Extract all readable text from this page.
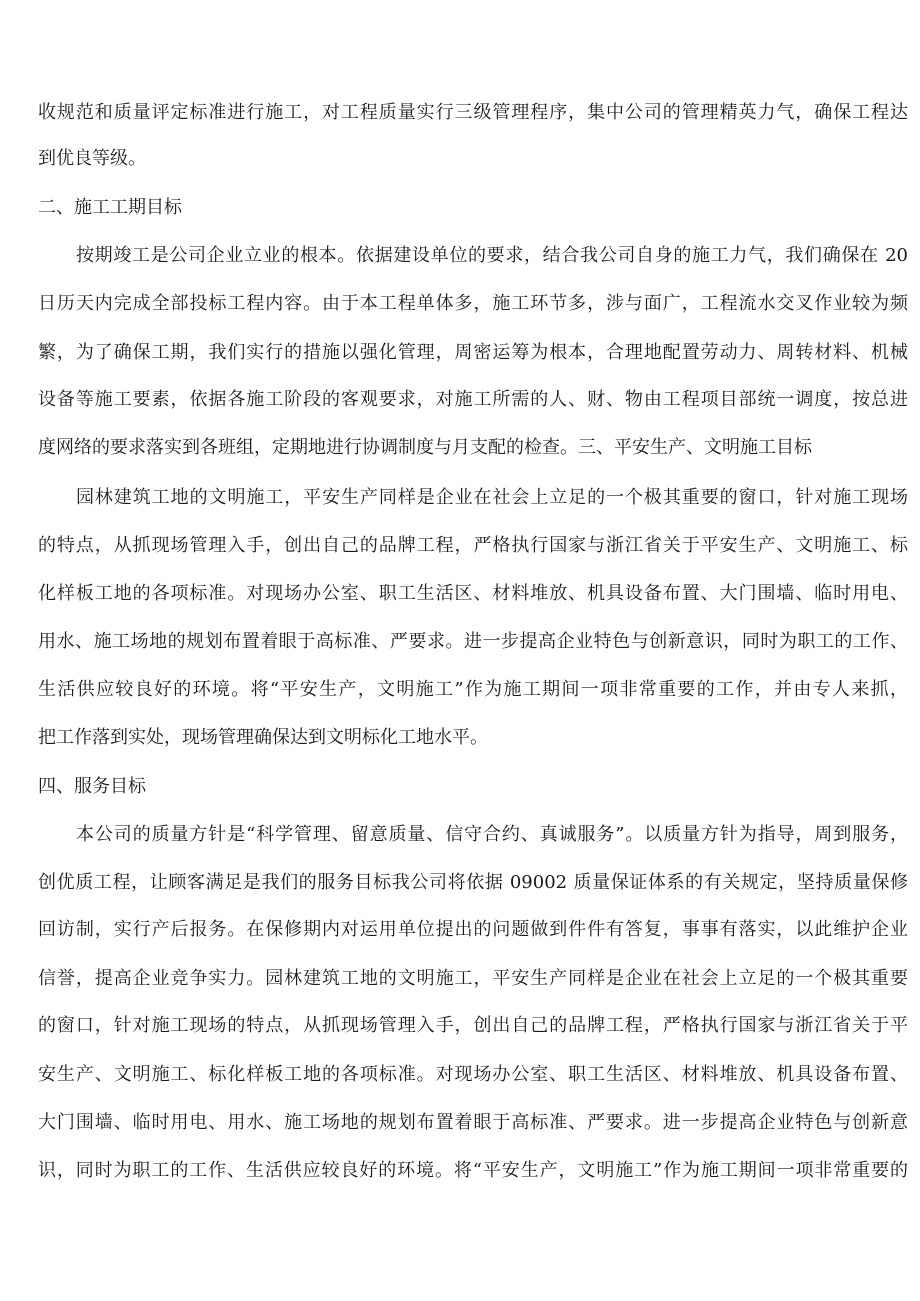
收规范和质量评定标准进行施工，对工程质量实行三级管理程序，集中公司的管理精英力气，确保工程达
到优良等级。
二、施工工期目标
按期竣工是公司企业立业的根本。依据建设单位的要求，结合我公司自身的施工力气，我们确保在 20
日历天内完成全部投标工程内容。由于本工程单体多，施工环节多，涉与面广，工程流水交叉作业较为频
繁，为了确保工期，我们实行的措施以强化管理，周密运筹为根本，合理地配置劳动力、周转材料、机械
设备等施工要素，依据各施工阶段的客观要求，对施工所需的人、财、物由工程项目部统一调度，按总进
度网络的要求落实到各班组，定期地进行协调制度与月支配的检查。三、平安生产、文明施工目标
园林建筑工地的文明施工，平安生产同样是企业在社会上立足的一个极其重要的窗口，针对施工现场
的特点，从抓现场管理入手，创出自己的品牌工程，严格执行国家与浙江省关于平安生产、文明施工、标
化样板工地的各项标准。对现场办公室、职工生活区、材料堆放、机具设备布置、大门围墙、临时用电、
用水、施工场地的规划布置着眼于高标准、严要求。进一步提高企业特色与创新意识，同时为职工的工作、
生活供应较良好的环境。将“平安生产，文明施工”作为施工期间一项非常重要的工作，并由专人来抓，
把工作落到实处，现场管理确保达到文明标化工地水平。
四、服务目标
本公司的质量方针是“科学管理、留意质量、信守合约、真诚服务”。以质量方针为指导，周到服务，
创优质工程，让顾客满足是我们的服务目标我公司将依据 09002 质量保证体系的有关规定，坚持质量保修
回访制，实行产后报务。在保修期内对运用单位提出的问题做到件件有答复，事事有落实，以此维护企业
信誉，提高企业竞争实力。园林建筑工地的文明施工，平安生产同样是企业在社会上立足的一个极其重要
的窗口，针对施工现场的特点，从抓现场管理入手，创出自己的品牌工程，严格执行国家与浙江省关于平
安生产、文明施工、标化样板工地的各项标准。对现场办公室、职工生活区、材料堆放、机具设备布置、
大门围墙、临时用电、用水、施工场地的规划布置着眼于高标准、严要求。进一步提高企业特色与创新意
识，同时为职工的工作、生活供应较良好的环境。将“平安生产，文明施工”作为施工期间一项非常重要的
